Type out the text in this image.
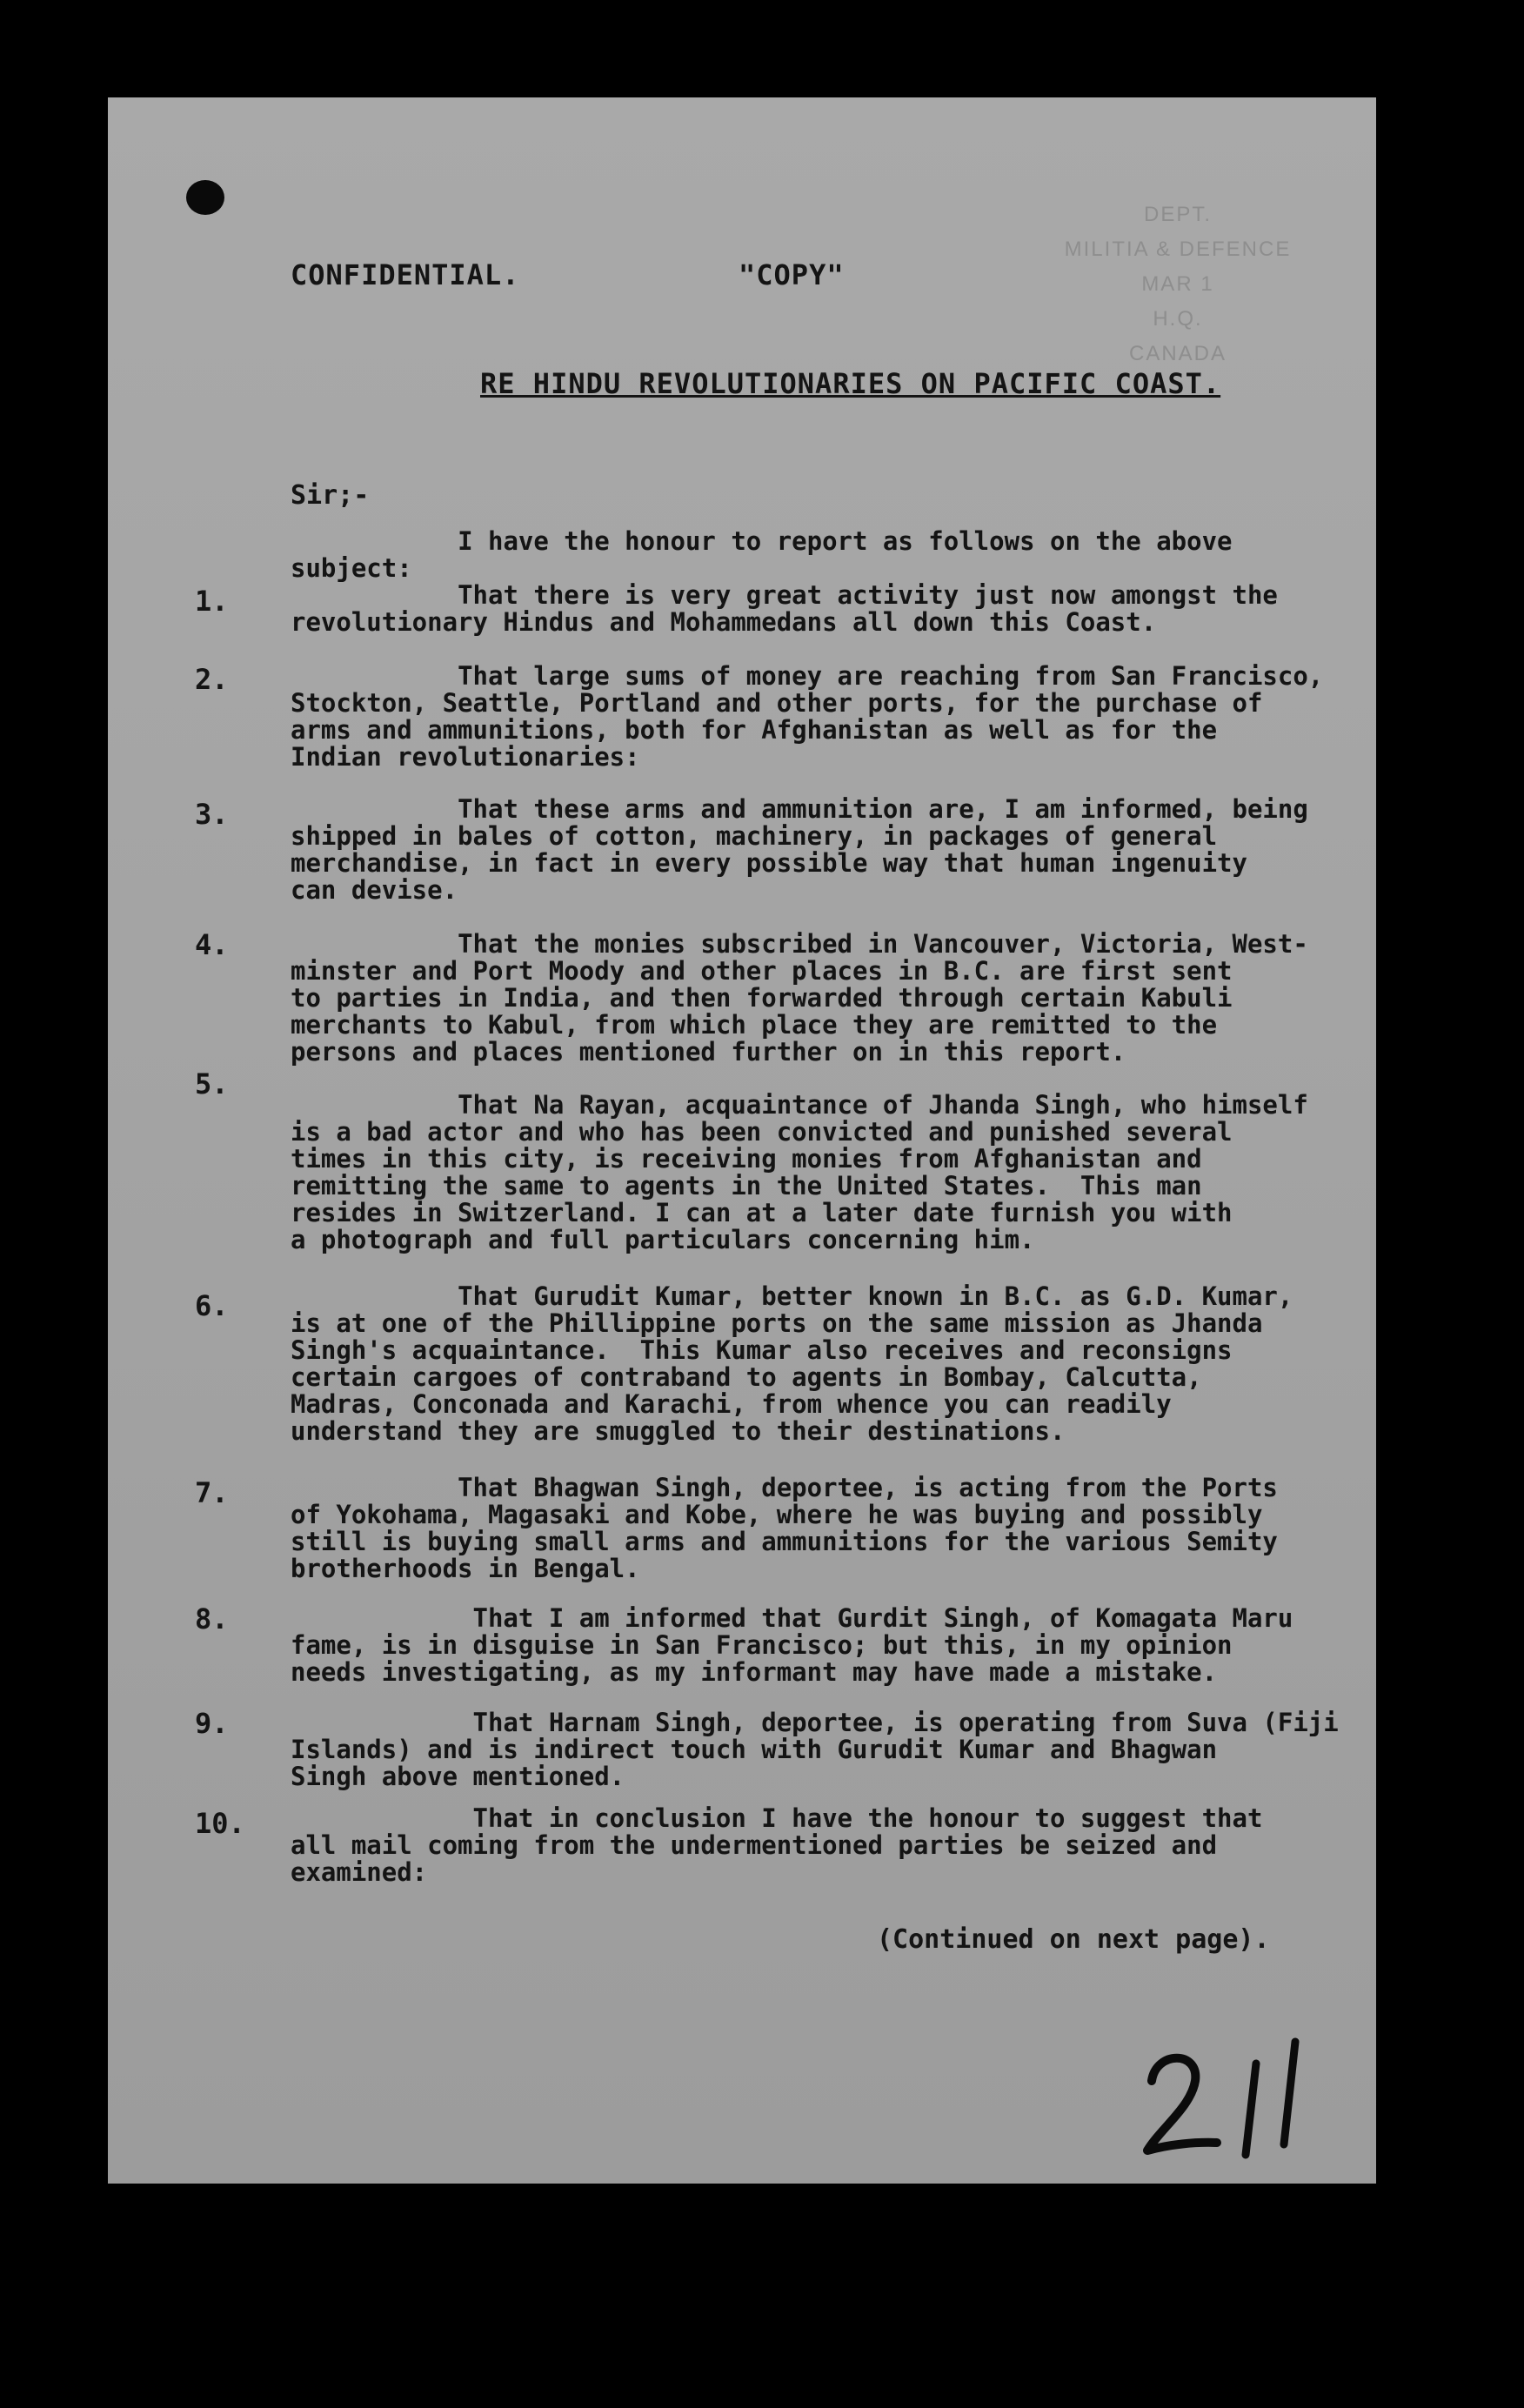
DEPT.
MILITIA & DEFENCE
MAR 1
H.Q.
CANADA
CONFIDENTIAL.	"COPY"
RE HINDU REVOLUTIONARIES ON PACIFIC COAST.
Sir;-
I have the honour to report as follows on the above
subject:
1.	That there is very great activity just now amongst the
revolutionary Hindus and Mohammedans all down this Coast.
2.	That large sums of money are reaching from San Francisco,
Stockton, Seattle, Portland and other ports, for the purchase of
arms and ammunitions, both for Afghanistan as well as for the
Indian revolutionaries:
3.	That these arms and ammunition are, I am informed, being
shipped in bales of cotton, machinery, in packages of general
merchandise, in fact in every possible way that human ingenuity
can devise.
4.	That the monies subscribed in Vancouver, Victoria, West-
minster and Port Moody and other places in B.C. are first sent
to parties in India, and then forwarded through certain Kabuli
merchants to Kabul, from which place they are remitted to the
persons and places mentioned further on in this report.
5.
That Na Rayan, acquaintance of Jhanda Singh, who himself
is a bad actor and who has been convicted and punished several
times in this city, is receiving monies from Afghanistan and
remitting the same to agents in the United States.  This man
resides in Switzerland. I can at a later date furnish you with
a photograph and full particulars concerning him.
6.	That Gurudit Kumar, better known in B.C. as G.D. Kumar,
is at one of the Phillippine ports on the same mission as Jhanda
Singh's acquaintance.  This Kumar also receives and reconsigns
certain cargoes of contraband to agents in Bombay, Calcutta,
Madras, Conconada and Karachi, from whence you can readily
understand they are smuggled to their destinations.
7.	That Bhagwan Singh, deportee, is acting from the Ports
of Yokohama, Magasaki and Kobe, where he was buying and possibly
still is buying small arms and ammunitions for the various Semity
brotherhoods in Bengal.
8.	That I am informed that Gurdit Singh, of Komagata Maru
fame, is in disguise in San Francisco; but this, in my opinion
needs investigating, as my informant may have made a mistake.
9.	That Harnam Singh, deportee, is operating from Suva (Fiji
Islands) and is indirect touch with Gurudit Kumar and Bhagwan
Singh above mentioned.
10.	That in conclusion I have the honour to suggest that
all mail coming from the undermentioned parties be seized and
examined:
(Continued on next page).
